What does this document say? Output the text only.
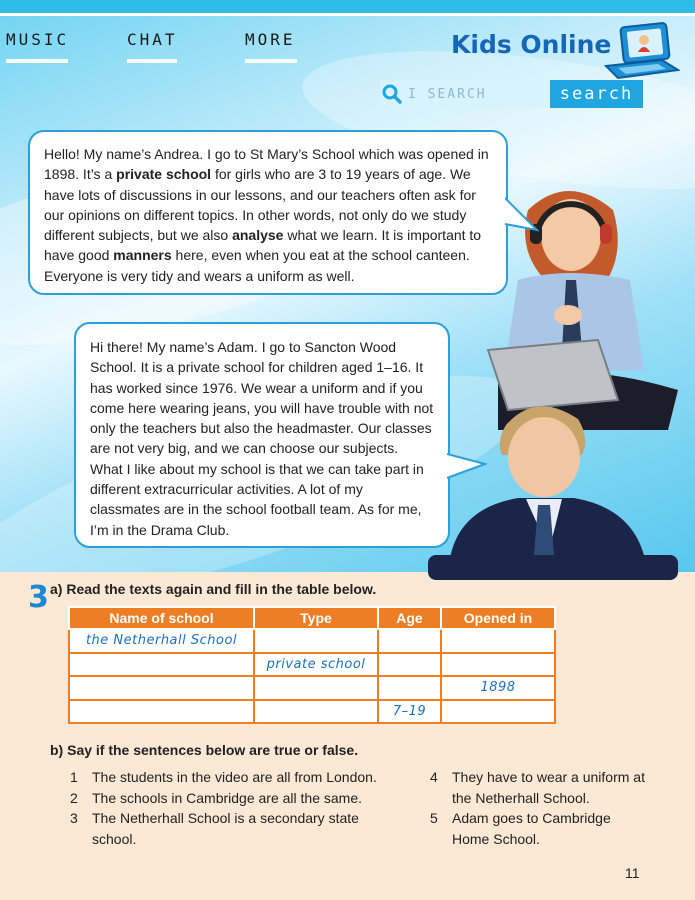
MUSIC	CHAT	MORE	Kids Online
I SEARCH
search
Hello! My name’s Andrea. I go to St Mary’s School which was opened in 1898. It’s a private school for girls who are 3 to 19 years of age. We have lots of discussions in our lessons, and our teachers often ask for our opinions on different topics. In other words, not only do we study different subjects, but we also analyse what we learn. It is important to have good manners here, even when you eat at the school canteen. Everyone is very tidy and wears a uniform as well.
Hi there! My name’s Adam. I go to Sancton Wood School. It is a private school for children aged 1–16. It has worked since 1976. We wear a uniform and if you come here wearing jeans, you will have trouble with not only the teachers but also the headmaster. Our classes are not very big, and we can choose our subjects. What I like about my school is that we can take part in different extracurricular activities. A lot of my classmates are in the school football team. As for me, I’m in the Drama Club.
3 a) Read the texts again and fill in the table below.
Name of school	Type	Age	Opened in
the Netherhall School			
	private school		
			1898
		7–19	
b) Say if the sentences below are true or false.
1	The students in the video are all from London.
2	The schools in Cambridge are all the same.
3	The Netherhall School is a secondary state school.
4	They have to wear a uniform at the Netherhall School.
5	Adam goes to Cambridge Home School.
11
